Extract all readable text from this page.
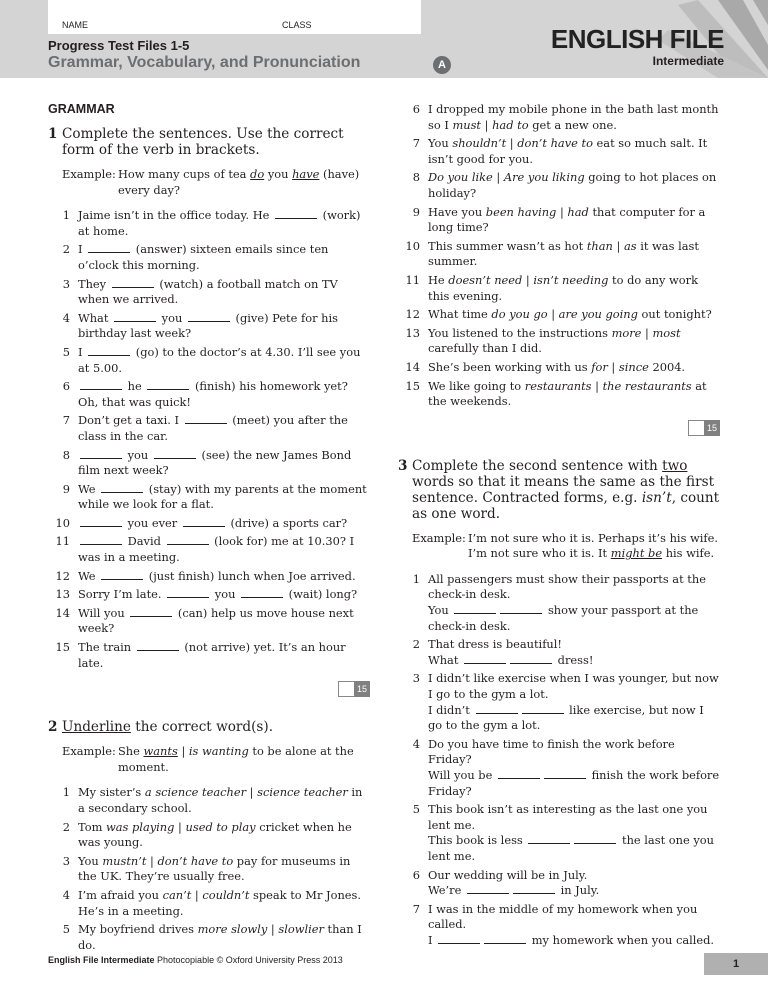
NAME	CLASS
Progress Test Files 1-5
Grammar, Vocabulary, and Pronunciation	A
ENGLISH FILE
Intermediate
GRAMMAR
1 Complete the sentences. Use the correct form of the verb in brackets.
Example: How many cups of tea do you have (have) every day?
1 Jaime isn’t in the office today. He	(work) at home.
2 I	(answer) sixteen emails since ten o’clock this morning.
3 They	(watch) a football match on TV when we arrived.
4 What	you	(give) Pete for his birthday last week?
5 I	(go) to the doctor’s at 4.30. I’ll see you at 5.00.
6	he	(finish) his homework yet? Oh, that was quick!
7 Don’t get a taxi. I	(meet) you after the class in the car.
8	you	(see) the new James Bond film next week?
9 We	(stay) with my parents at the moment while we look for a flat.
10	you ever	(drive) a sports car?
11	David	(look for) me at 10.30? I was in a meeting.
12 We	(just finish) lunch when Joe arrived.
13 Sorry I’m late.	you	(wait) long?
14 Will you	(can) help us move house next week?
15 The train	(not arrive) yet. It’s an hour late.
15
2 Underline the correct word(s).
Example: She wants | is wanting to be alone at the moment.
1 My sister’s a science teacher | science teacher in a secondary school.
2 Tom was playing | used to play cricket when he was young.
3 You mustn’t | don’t have to pay for museums in the UK. They’re usually free.
4 I’m afraid you can’t | couldn’t speak to Mr Jones. He’s in a meeting.
5 My boyfriend drives more slowly | slowlier than I do.
6 I dropped my mobile phone in the bath last month so I must | had to get a new one.
7 You shouldn’t | don’t have to eat so much salt. It isn’t good for you.
8 Do you like | Are you liking going to hot places on holiday?
9 Have you been having | had that computer for a long time?
10 This summer wasn’t as hot than | as it was last summer.
11 He doesn’t need | isn’t needing to do any work this evening.
12 What time do you go | are you going out tonight?
13 You listened to the instructions more | most carefully than I did.
14 She’s been working with us for | since 2004.
15 We like going to restaurants | the restaurants at the weekends.
15
3 Complete the second sentence with two words so that it means the same as the first sentence. Contracted forms, e.g. isn’t, count as one word.
Example: I’m not sure who it is. Perhaps it’s his wife.
I’m not sure who it is. It might be his wife.
1 All passengers must show their passports at the check-in desk.
You	show your passport at the check-in desk.
2 That dress is beautiful!
What	dress!
3 I didn’t like exercise when I was younger, but now I go to the gym a lot.
I didn’t	like exercise, but now I go to the gym a lot.
4 Do you have time to finish the work before Friday?
Will you be	finish the work before Friday?
5 This book isn’t as interesting as the last one you lent me.
This book is less	the last one you lent me.
6 Our wedding will be in July.
We’re	in July.
7 I was in the middle of my homework when you called.
I	my homework when you called.
English File Intermediate Photocopiable © Oxford University Press 2013	1
